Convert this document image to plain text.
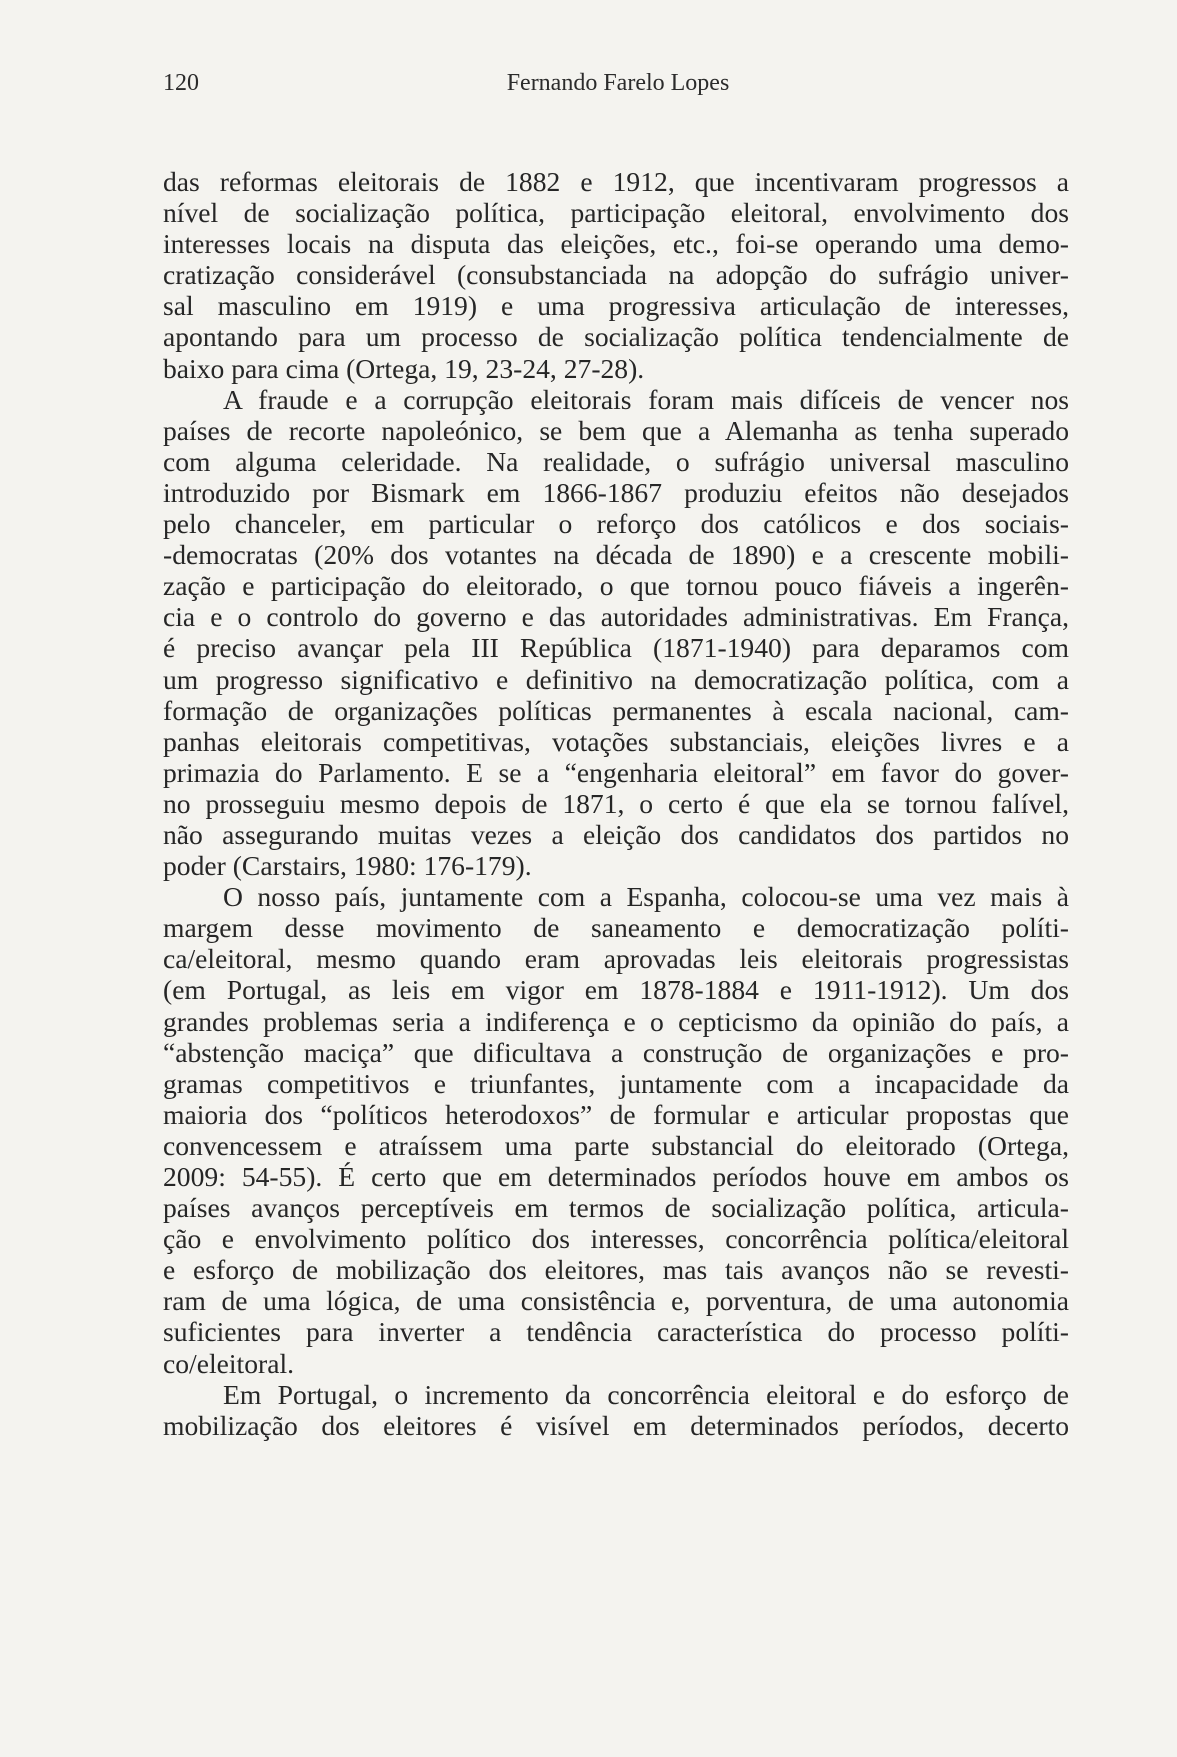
120	Fernando Farelo Lopes

das reformas eleitorais de 1882 e 1912, que incentivaram progressos a
nível de socialização política, participação eleitoral, envolvimento dos
interesses locais na disputa das eleições, etc., foi-se operando uma demo-
cratização considerável (consubstanciada na adopção do sufrágio univer-
sal masculino em 1919) e uma progressiva articulação de interesses,
apontando para um processo de socialização política tendencialmente de
baixo para cima (Ortega, 19, 23-24, 27-28).

A fraude e a corrupção eleitorais foram mais difíceis de vencer nos
países de recorte napoleónico, se bem que a Alemanha as tenha superado
com alguma celeridade. Na realidade, o sufrágio universal masculino
introduzido por Bismark em 1866-1867 produziu efeitos não desejados
pelo chanceler, em particular o reforço dos católicos e dos sociais-
-democratas (20% dos votantes na década de 1890) e a crescente mobili-
zação e participação do eleitorado, o que tornou pouco fiáveis a ingerên-
cia e o controlo do governo e das autoridades administrativas. Em França,
é preciso avançar pela III República (1871-1940) para deparamos com
um progresso significativo e definitivo na democratização política, com a
formação de organizações políticas permanentes à escala nacional, cam-
panhas eleitorais competitivas, votações substanciais, eleições livres e a
primazia do Parlamento. E se a “engenharia eleitoral” em favor do gover-
no prosseguiu mesmo depois de 1871, o certo é que ela se tornou falível,
não assegurando muitas vezes a eleição dos candidatos dos partidos no
poder (Carstairs, 1980: 176-179).

O nosso país, juntamente com a Espanha, colocou-se uma vez mais à
margem desse movimento de saneamento e democratização políti-
ca/eleitoral, mesmo quando eram aprovadas leis eleitorais progressistas
(em Portugal, as leis em vigor em 1878-1884 e 1911-1912). Um dos
grandes problemas seria a indiferença e o cepticismo da opinião do país, a
“abstenção maciça” que dificultava a construção de organizações e pro-
gramas competitivos e triunfantes, juntamente com a incapacidade da
maioria dos “políticos heterodoxos” de formular e articular propostas que
convencessem e atraíssem uma parte substancial do eleitorado (Ortega,
2009: 54-55). É certo que em determinados períodos houve em ambos os
países avanços perceptíveis em termos de socialização política, articula-
ção e envolvimento político dos interesses, concorrência política/eleitoral
e esforço de mobilização dos eleitores, mas tais avanços não se revesti-
ram de uma lógica, de uma consistência e, porventura, de uma autonomia
suficientes para inverter a tendência característica do processo políti-
co/eleitoral.

Em Portugal, o incremento da concorrência eleitoral e do esforço de
mobilização dos eleitores é visível em determinados períodos, decerto
